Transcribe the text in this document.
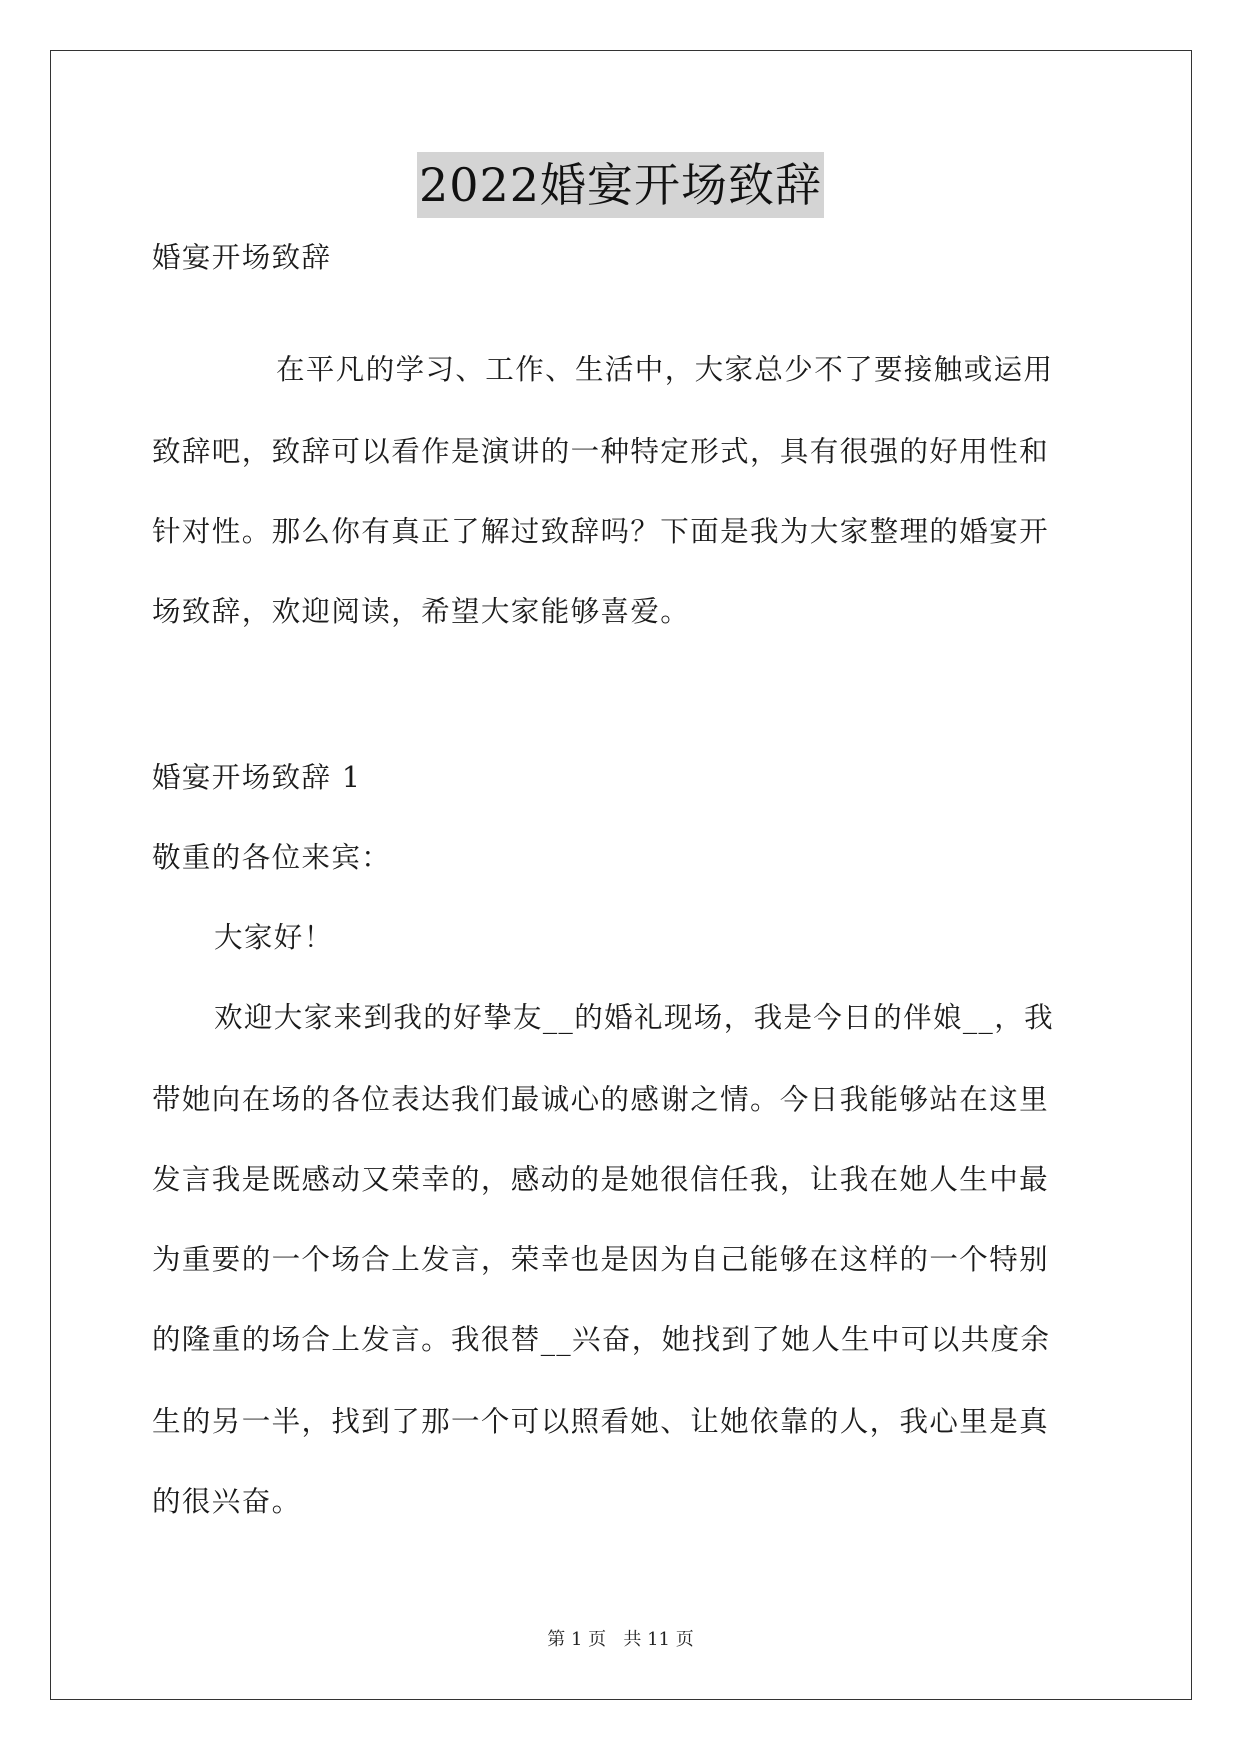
2022婚宴开场致辞
婚宴开场致辞
在平凡的学习、工作、生活中，大家总少不了要接触或运用
致辞吧，致辞可以看作是演讲的一种特定形式，具有很强的好用性和
针对性。那么你有真正了解过致辞吗？下面是我为大家整理的婚宴开
场致辞，欢迎阅读，希望大家能够喜爱。
婚宴开场致辞 1
敬重的各位来宾：
大家好！
欢迎大家来到我的好挚友__的婚礼现场，我是今日的伴娘__，我
带她向在场的各位表达我们最诚心的感谢之情。今日我能够站在这里
发言我是既感动又荣幸的，感动的是她很信任我，让我在她人生中最
为重要的一个场合上发言，荣幸也是因为自己能够在这样的一个特别
的隆重的场合上发言。我很替__兴奋，她找到了她人生中可以共度余
生的另一半，找到了那一个可以照看她、让她依靠的人，我心里是真
的很兴奋。
第 1 页   共 11 页
